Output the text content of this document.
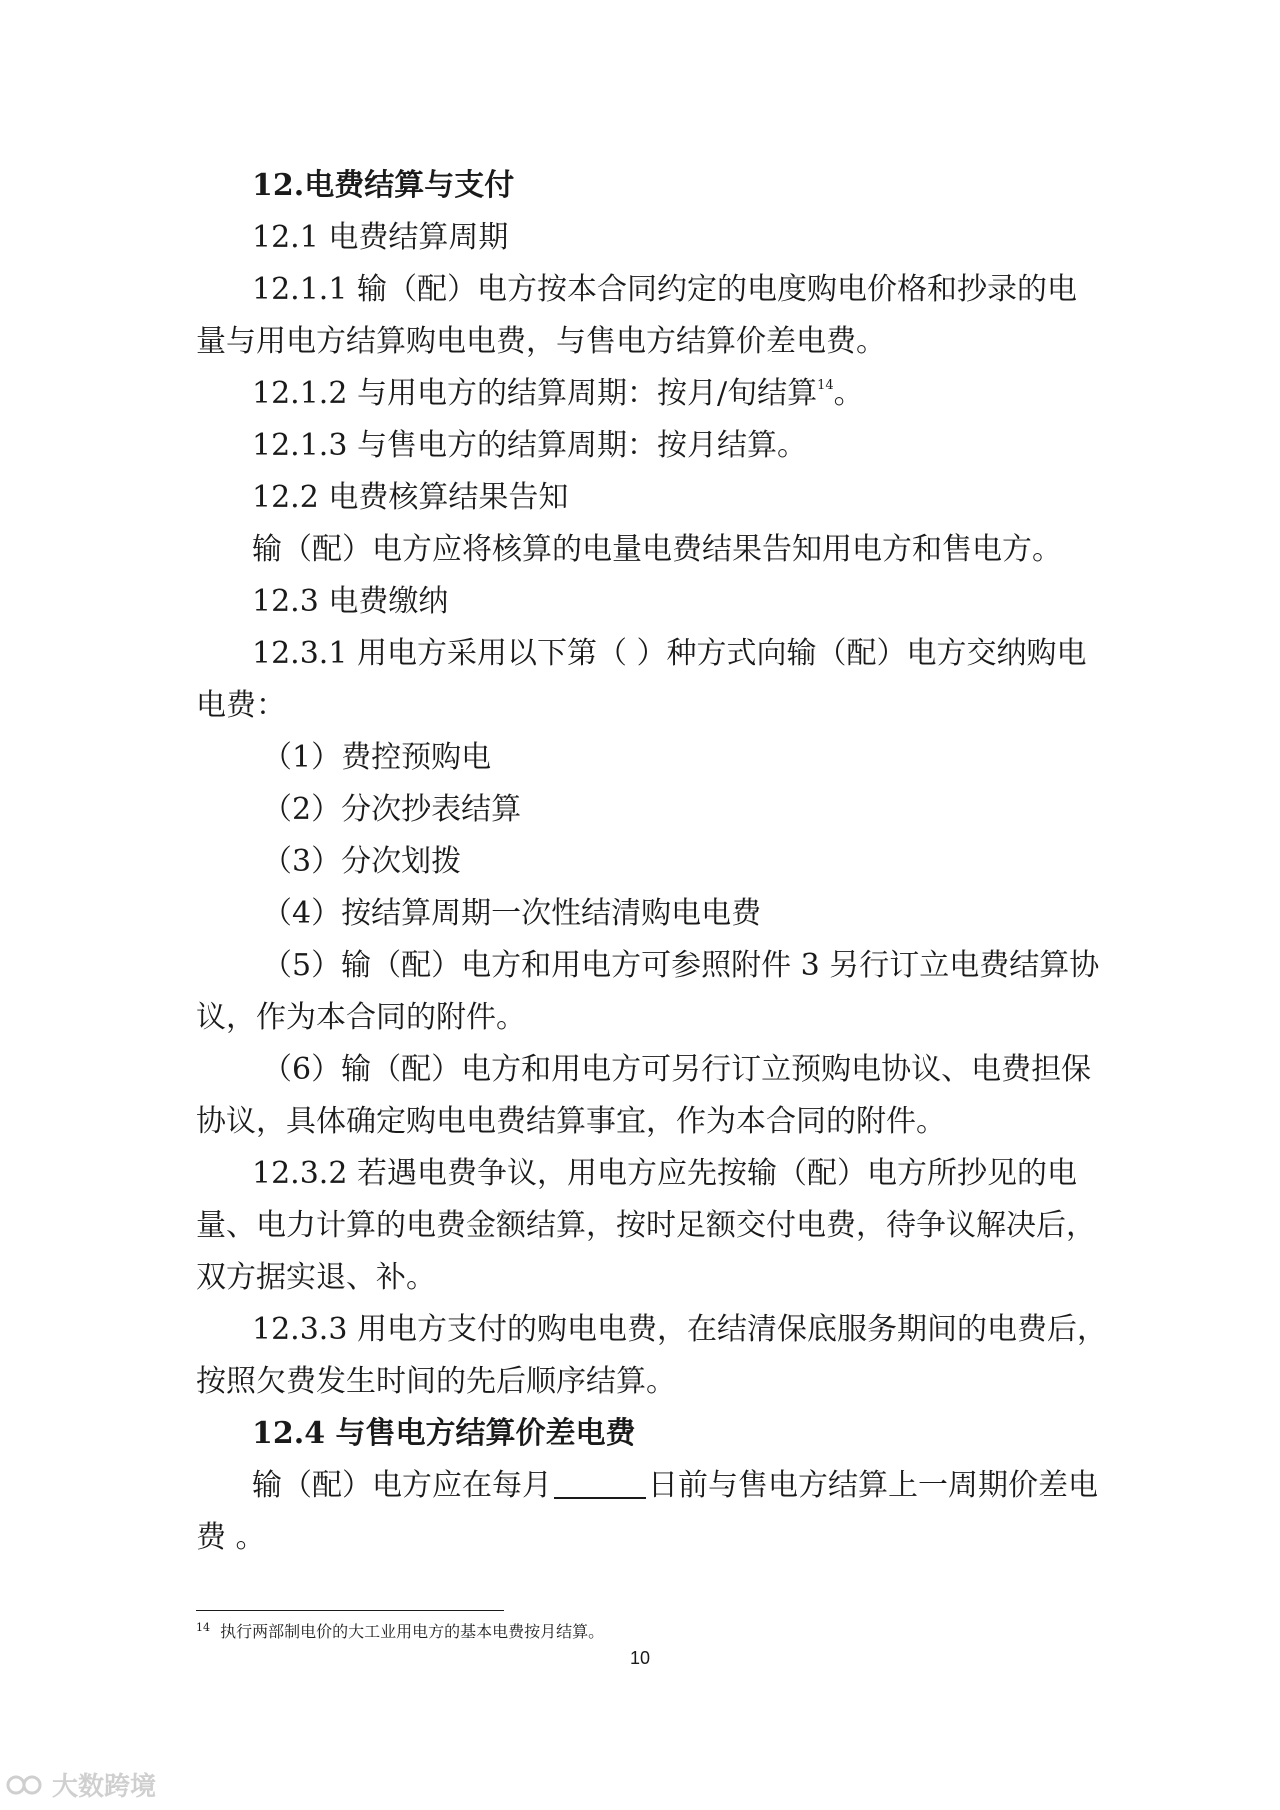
12.电费结算与支付
12.1 电费结算周期
12.1.1 输（配）电方按本合同约定的电度购电价格和抄录的电
量与用电方结算购电电费，与售电方结算价差电费。
12.1.2 与用电方的结算周期：按月/旬结算$^{14}$。
12.1.3 与售电方的结算周期：按月结算。
12.2 电费核算结果告知
输（配）电方应将核算的电量电费结果告知用电方和售电方。
12.3 电费缴纳
12.3.1 用电方采用以下第（ ）种方式向输（配）电方交纳购电
电费：
（1）费控预购电
（2）分次抄表结算
（3）分次划拨
（4）按结算周期一次性结清购电电费
（5）输（配）电方和用电方可参照附件 3 另行订立电费结算协
议，作为本合同的附件。
（6）输（配）电方和用电方可另行订立预购电协议、电费担保
协议，具体确定购电电费结算事宜，作为本合同的附件。
12.3.2 若遇电费争议，用电方应先按输（配）电方所抄见的电
量、电力计算的电费金额结算，按时足额交付电费，待争议解决后，
双方据实退、补。
12.3.3 用电方支付的购电电费，在结清保底服务期间的电费后，
按照欠费发生时间的先后顺序结算。
12.4 与售电方结算价差电费
输（配）电方应在每月	日前与售电方结算上一周期价差电
费 。
$^{14}$ 执行两部制电价的大工业用电方的基本电费按月结算。
10
大数跨境
